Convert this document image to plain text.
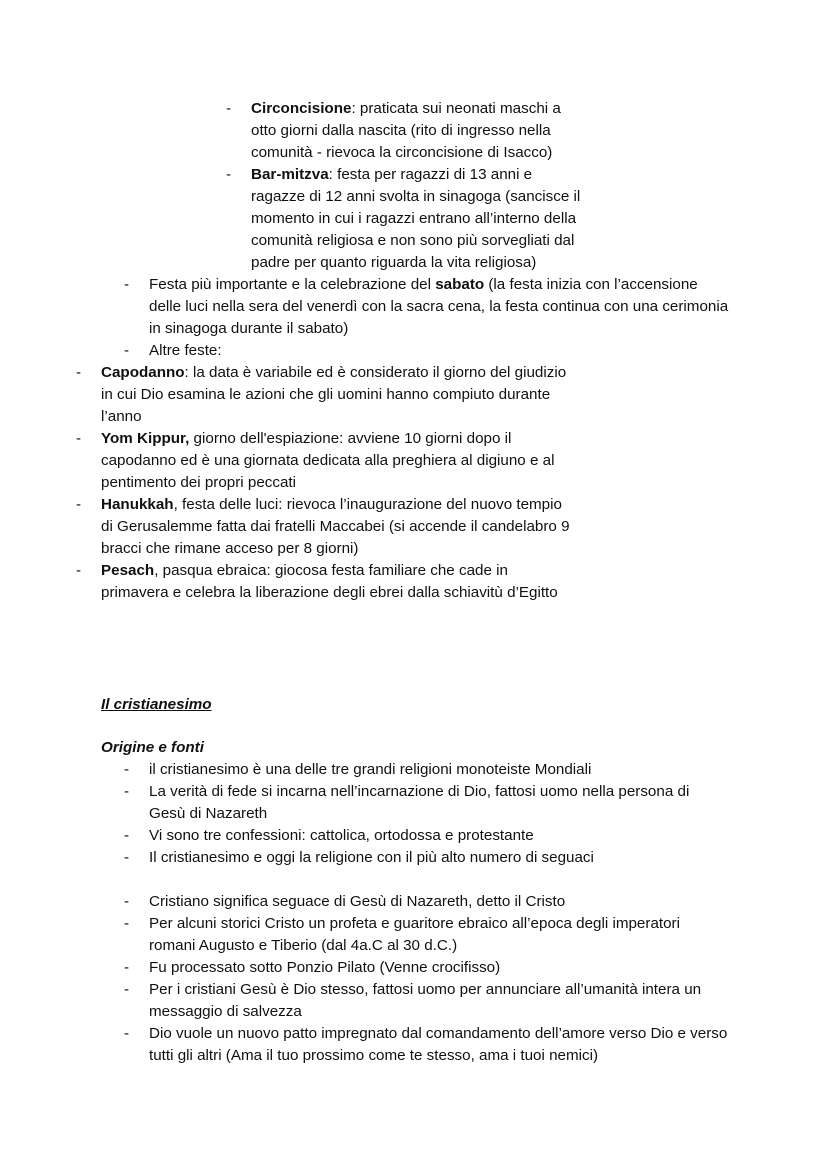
- Circoncisione: praticata sui neonati maschi a otto giorni dalla nascita (rito di ingresso nella comunità - rievoca la circoncisione di Isacco)
- Bar-mitzva: festa per ragazzi di 13 anni e ragazze di 12 anni svolta in sinagoga (sancisce il momento in cui i ragazzi entrano all’interno della comunità religiosa e non sono più sorvegliati dal padre per quanto riguarda la vita religiosa)
- Festa più importante e la celebrazione del sabato (la festa inizia con l’accensione delle luci nella sera del venerdì con la sacra cena, la festa continua con una cerimonia in sinagoga durante il sabato)
- Altre feste:
- Capodanno: la data è variabile ed è considerato il giorno del giudizio in cui Dio esamina le azioni che gli uomini hanno compiuto durante l’anno
- Yom Kippur, giorno dell'espiazione: avviene 10 giorni dopo il capodanno ed è una giornata dedicata alla preghiera al digiuno e al pentimento dei propri peccati
- Hanukkah, festa delle luci: rievoca l’inaugurazione del nuovo tempio di Gerusalemme fatta dai fratelli Maccabei (si accende il candelabro 9 bracci che rimane acceso per 8 giorni)
- Pesach, pasqua ebraica: giocosa festa familiare che cade in primavera e celebra la liberazione degli ebrei dalla schiavitù d’Egitto
Il cristianesimo
Origine e fonti
- il cristianesimo è una delle tre grandi religioni monoteiste Mondiali
- La verità di fede si incarna nell’incarnazione di Dio, fattosi uomo nella persona di Gesù di Nazareth
- Vi sono tre confessioni: cattolica, ortodossa e protestante
- Il cristianesimo e oggi la religione con il più alto numero di seguaci
- Cristiano significa seguace di Gesù di Nazareth, detto il Cristo
- Per alcuni storici Cristo un profeta e guaritore ebraico all’epoca degli imperatori romani Augusto e Tiberio (dal 4a.C al 30 d.C.)
- Fu processato sotto Ponzio Pilato (Venne crocifisso)
- Per i cristiani Gesù è Dio stesso, fattosi uomo per annunciare all’umanità intera un messaggio di salvezza
- Dio vuole un nuovo patto impregnato dal comandamento dell’amore verso Dio e verso tutti gli altri (Ama il tuo prossimo come te stesso, ama i tuoi nemici)
